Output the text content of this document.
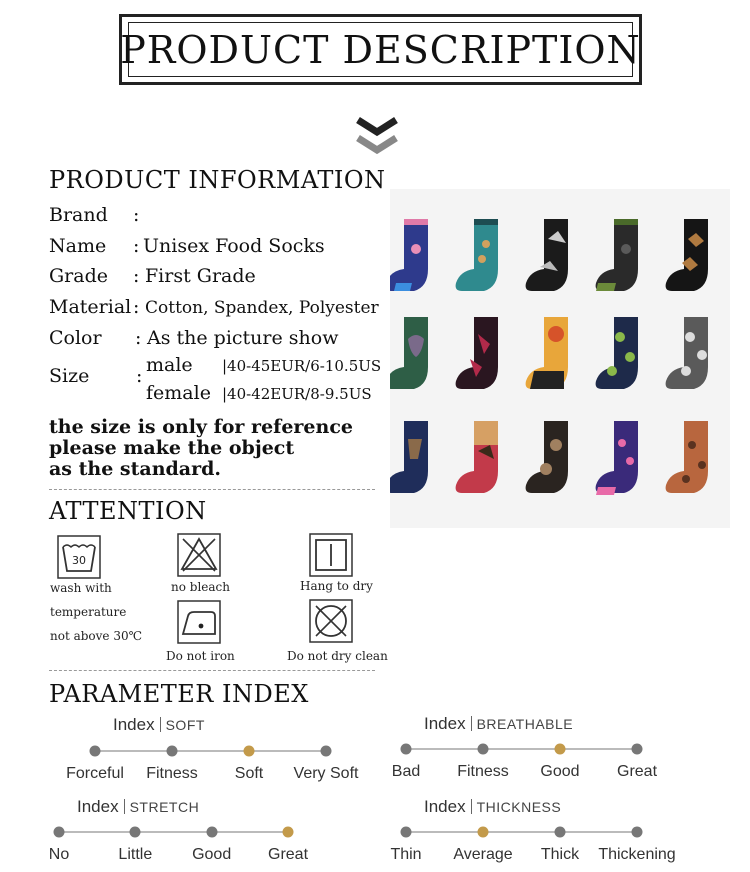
PRODUCT DESCRIPTION
PRODUCT INFORMATION
Brand :
Name : Unisex Food Socks
Grade : First Grade
Material : Cotton, Spandex, Polyester
Color : As the picture show
Size : male |40-45EUR/6-10.5US
female |40-42EUR/8-9.5US
the size is only for reference
please make the object
as the standard.
ATTENTION
30
wash with
temperature
not above 30℃
no bleach	Hang to dry
Do not iron	Do not dry clean
PARAMETER INDEX
Index SOFT	Index BREATHABLE
Index STRETCH	Index THICKNESS
Forceful Fitness Soft Very Soft Bad Fitness Good Great
No	Little Good Great	Thin Average Thick Thickening
